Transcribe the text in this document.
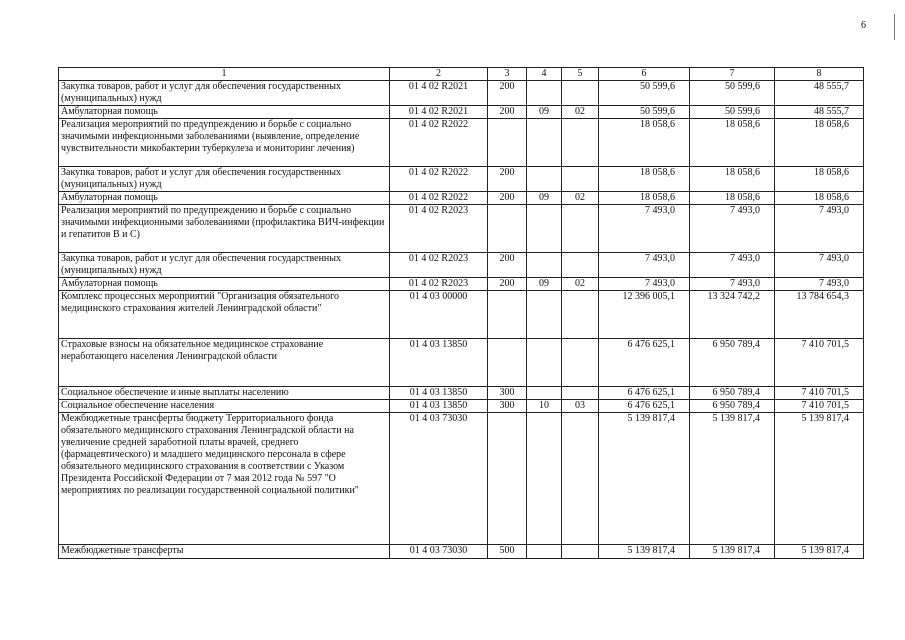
6
1	2	3	4	5	6	7	8
Закупка товаров, работ и услуг для обеспечения государственных (муниципальных) нужд	01 4 02 R2021	200			50 599,6	50 599,6	48 555,7
Амбулаторная помощь	01 4 02 R2021	200	09	02	50 599,6	50 599,6	48 555,7
Реализация мероприятий по предупреждению и борьбе с социально значимыми инфекционными заболеваниями (выявление, определение чувствительности микобактерии туберкулеза и мониторинг лечения)	01 4 02 R2022				18 058,6	18 058,6	18 058,6
Закупка товаров, работ и услуг для обеспечения государственных (муниципальных) нужд	01 4 02 R2022	200			18 058,6	18 058,6	18 058,6
Амбулаторная помощь	01 4 02 R2022	200	09	02	18 058,6	18 058,6	18 058,6
Реализация мероприятий по предупреждению и борьбе с социально значимыми инфекционными заболеваниями (профилактика ВИЧ-инфекции и гепатитов В и С)	01 4 02 R2023				7 493,0	7 493,0	7 493,0
Закупка товаров, работ и услуг для обеспечения государственных (муниципальных) нужд	01 4 02 R2023	200			7 493,0	7 493,0	7 493,0
Амбулаторная помощь	01 4 02 R2023	200	09	02	7 493,0	7 493,0	7 493,0
Комплекс процессных мероприятий "Организация обязательного медицинского страхования жителей Ленинградской области"	01 4 03 00000				12 396 005,1	13 324 742,2	13 784 654,3
Страховые взносы на обязательное медицинское страхование неработающего населения Ленинградской области	01 4 03 13850				6 476 625,1	6 950 789,4	7 410 701,5
Социальное обеспечение и иные выплаты населению	01 4 03 13850	300			6 476 625,1	6 950 789,4	7 410 701,5
Социальное обеспечение населения	01 4 03 13850	300	10	03	6 476 625,1	6 950 789,4	7 410 701,5
Межбюджетные трансферты бюджету Территориального фонда обязательного медицинского страхования Ленинградской области на увеличение средней заработной платы врачей, среднего (фармацевтического) и младшего медицинского персонала в сфере обязательного медицинского страхования в соответствии с Указом Президента Российской Федерации от 7 мая 2012 года № 597 "О мероприятиях по реализации государственной социальной политики"	01 4 03 73030				5 139 817,4	5 139 817,4	5 139 817,4
Межбюджетные трансферты	01 4 03 73030	500			5 139 817,4	5 139 817,4	5 139 817,4
